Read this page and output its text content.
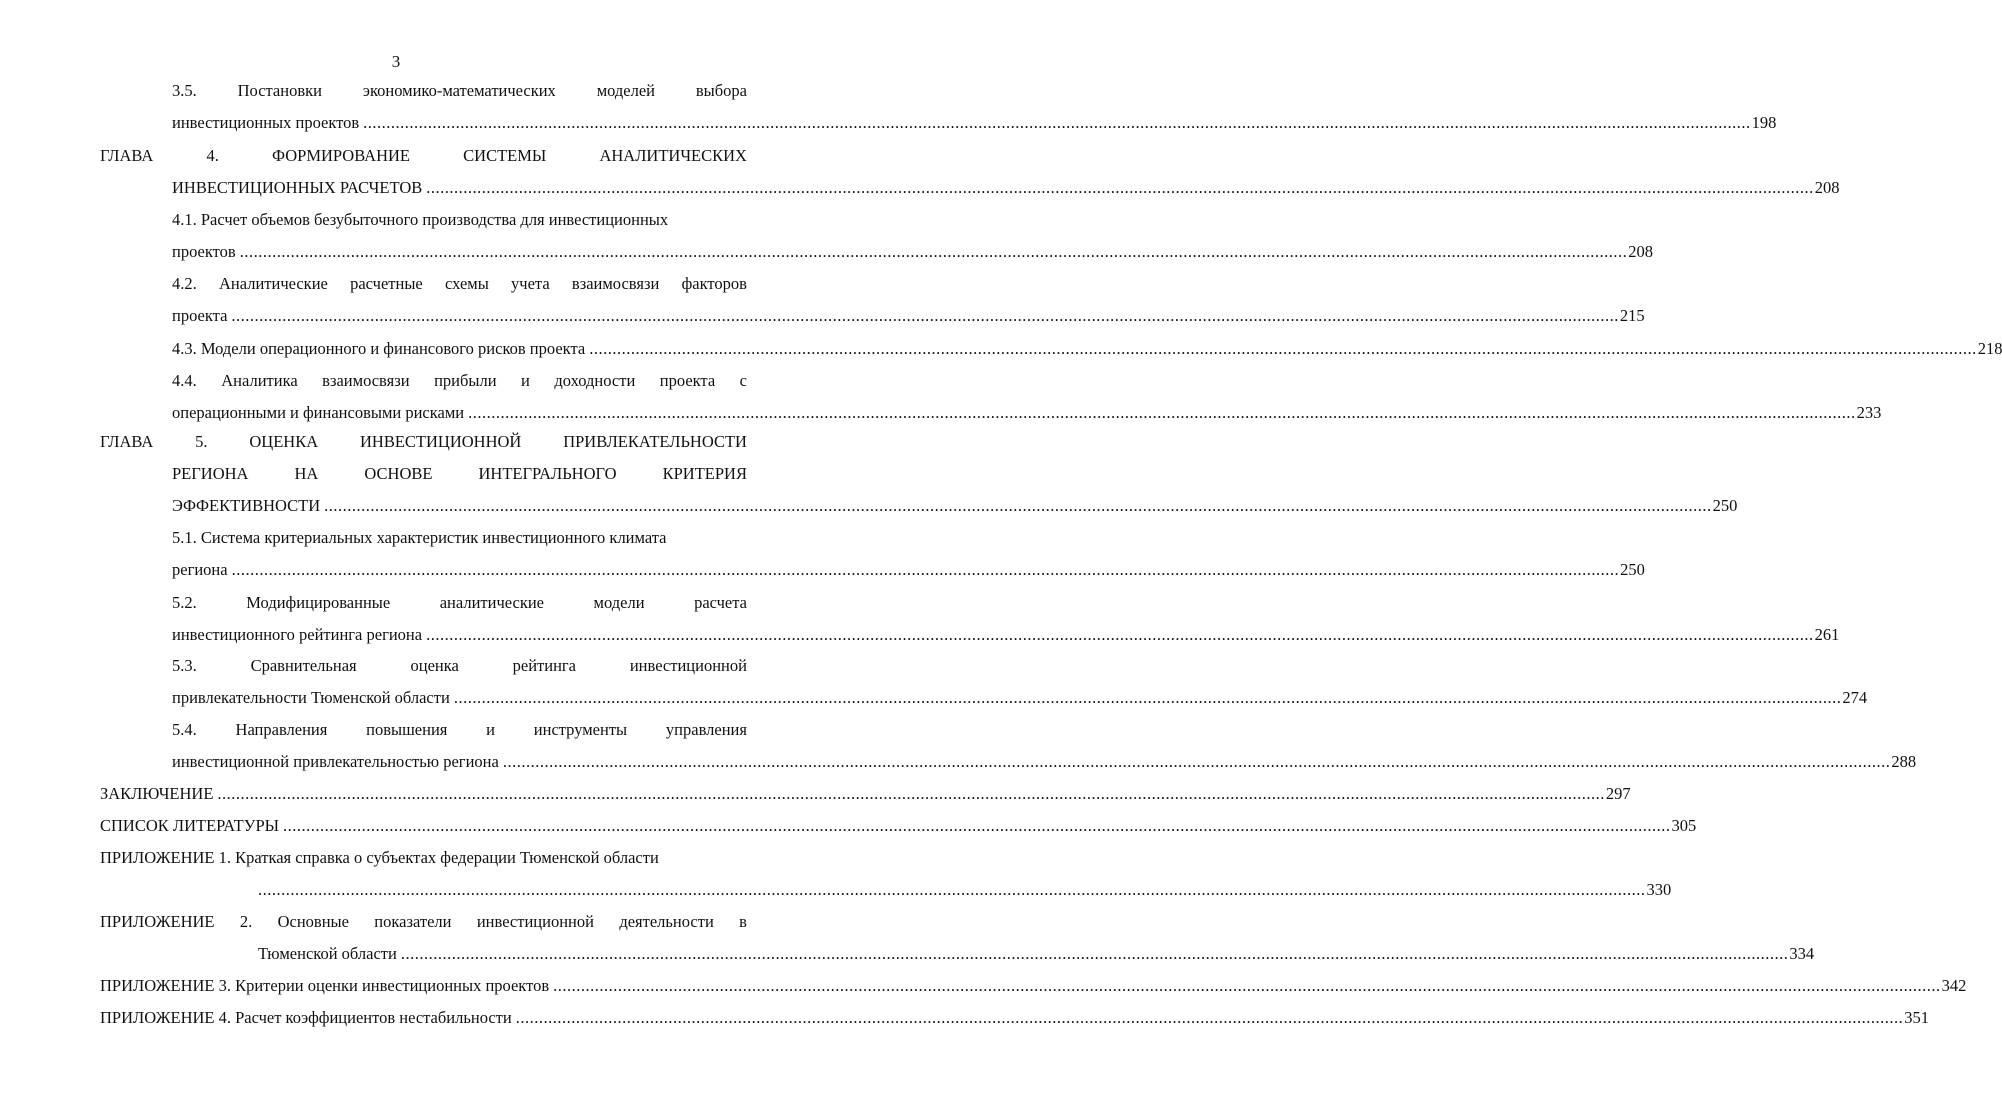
3
3.5. Постановки экономико-математических моделей выбора
инвестиционных проектов ............................................................................................................................................................................................................................................................................................................ 198
ГЛАВА	4.	ФОРМИРОВАНИЕ	СИСТЕМЫ	АНАЛИТИЧЕСКИХ
ИНВЕСТИЦИОННЫХ РАСЧЕТОВ ............................................................................................................................................................................................................................................................................................................ 208
4.1. Расчет объемов безубыточного производства для инвестиционных
проектов ............................................................................................................................................................................................................................................................................................................ 208
4.2. Аналитические расчетные схемы учета взаимосвязи факторов
проекта ............................................................................................................................................................................................................................................................................................................ 215
4.3. Модели операционного и финансового рисков проекта ............................................................................................................................................................................................................................................................................................................ 218
4.4. Аналитика взаимосвязи прибыли и доходности проекта с
операционными и финансовыми рисками ............................................................................................................................................................................................................................................................................................................ 233
ГЛАВА	5.	ОЦЕНКА	ИНВЕСТИЦИОННОЙ	ПРИВЛЕКАТЕЛЬНОСТИ
РЕГИОНА	НА	ОСНОВЕ	ИНТЕГРАЛЬНОГО	КРИТЕРИЯ
ЭФФЕКТИВНОСТИ ............................................................................................................................................................................................................................................................................................................ 250
5.1. Система критериальных характеристик инвестиционного климата
региона ............................................................................................................................................................................................................................................................................................................ 250
5.2.	Модифицированные	аналитические	модели	расчета
инвестиционного рейтинга региона ............................................................................................................................................................................................................................................................................................................ 261
5.3.	Сравнительная	оценка	рейтинга	инвестиционной
привлекательности Тюменской области ............................................................................................................................................................................................................................................................................................................ 274
5.4. Направления повышения и инструменты управления
инвестиционной привлекательностью региона ............................................................................................................................................................................................................................................................................................................ 288
ЗАКЛЮЧЕНИЕ ............................................................................................................................................................................................................................................................................................................ 297
СПИСОК ЛИТЕРАТУРЫ ............................................................................................................................................................................................................................................................................................................ 305
ПРИЛОЖЕНИЕ 1. Краткая справка о субъектах федерации Тюменской области
............................................................................................................................................................................................................................................................................................................ 330
ПРИЛОЖЕНИЕ 2. Основные показатели инвестиционной деятельности в
Тюменской области ............................................................................................................................................................................................................................................................................................................ 334
ПРИЛОЖЕНИЕ 3. Критерии оценки инвестиционных проектов ............................................................................................................................................................................................................................................................................................................ 342
ПРИЛОЖЕНИЕ 4. Расчет коэффициентов нестабильности ............................................................................................................................................................................................................................................................................................................ 351
